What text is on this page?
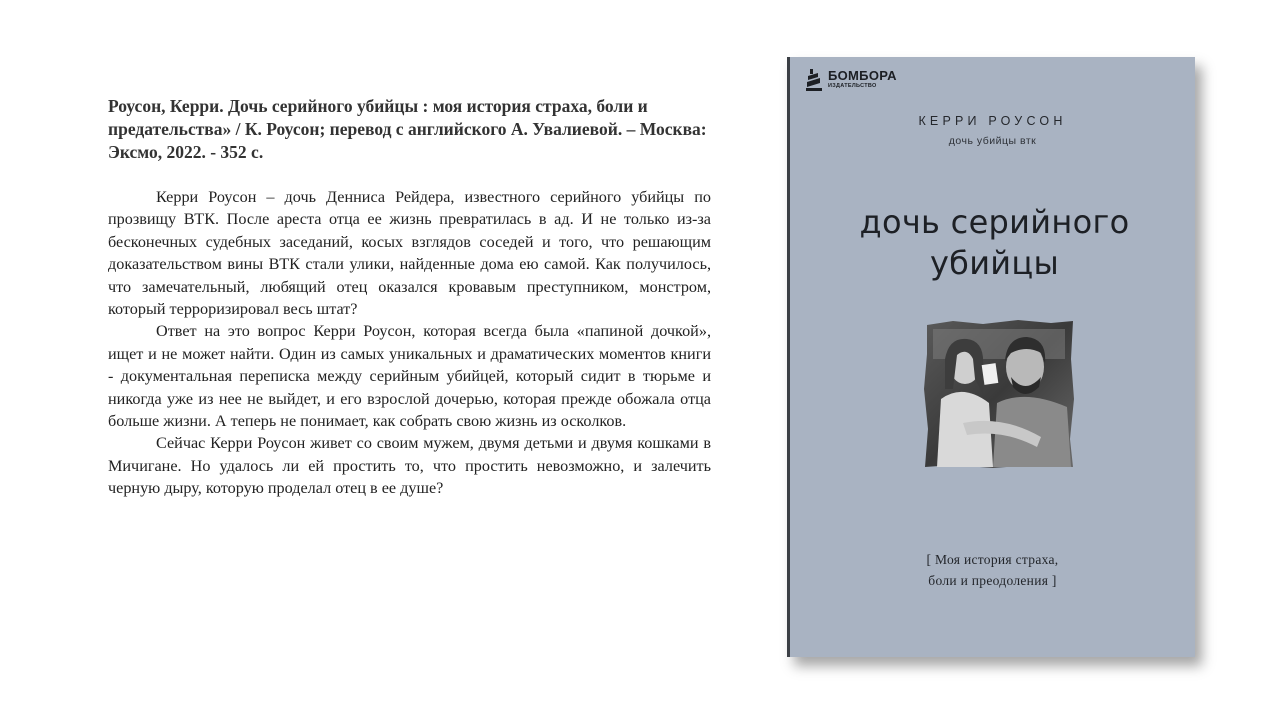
Роусон, Керри. Дочь серийного убийцы : моя история страха, боли и предательства» / К. Роусон; перевод с английского А. Увалиевой. – Москва: Эксмо, 2022. - 352 с.

Керри Роусон – дочь Денниса Рейдера, известного серийного убийцы по прозвищу ВТК. После ареста отца ее жизнь превратилась в ад. И не только из-за бесконечных судебных заседаний, косых взглядов соседей и того, что решающим доказательством вины ВТК стали улики, найденные дома ею самой. Как получилось, что замечательный, любящий отец оказался кровавым преступником, монстром, который терроризировал весь штат?

Ответ на это вопрос Керри Роусон, которая всегда была «папиной дочкой», ищет и не может найти. Один из самых уникальных и драматических моментов книги - документальная переписка между серийным убийцей, который сидит в тюрьме и никогда уже из нее не выйдет, и его взрослой дочерью, которая прежде обожала отца больше жизни. А теперь не понимает, как собрать свою жизнь из осколков.

Сейчас Керри Роусон живет со своим мужем, двумя детьми и двумя кошками в Мичигане. Но удалось ли ей простить то, что простить невозможно, и залечить черную дыру, которую проделал отец в ее душе?

БОМБОРА
ИЗДАТЕЛЬСТВО
КЕРРИ РОУСОН
дочь убийцы втк
дочь серийного
убийцы
[ Моя история страха,
боли и преодоления ]
